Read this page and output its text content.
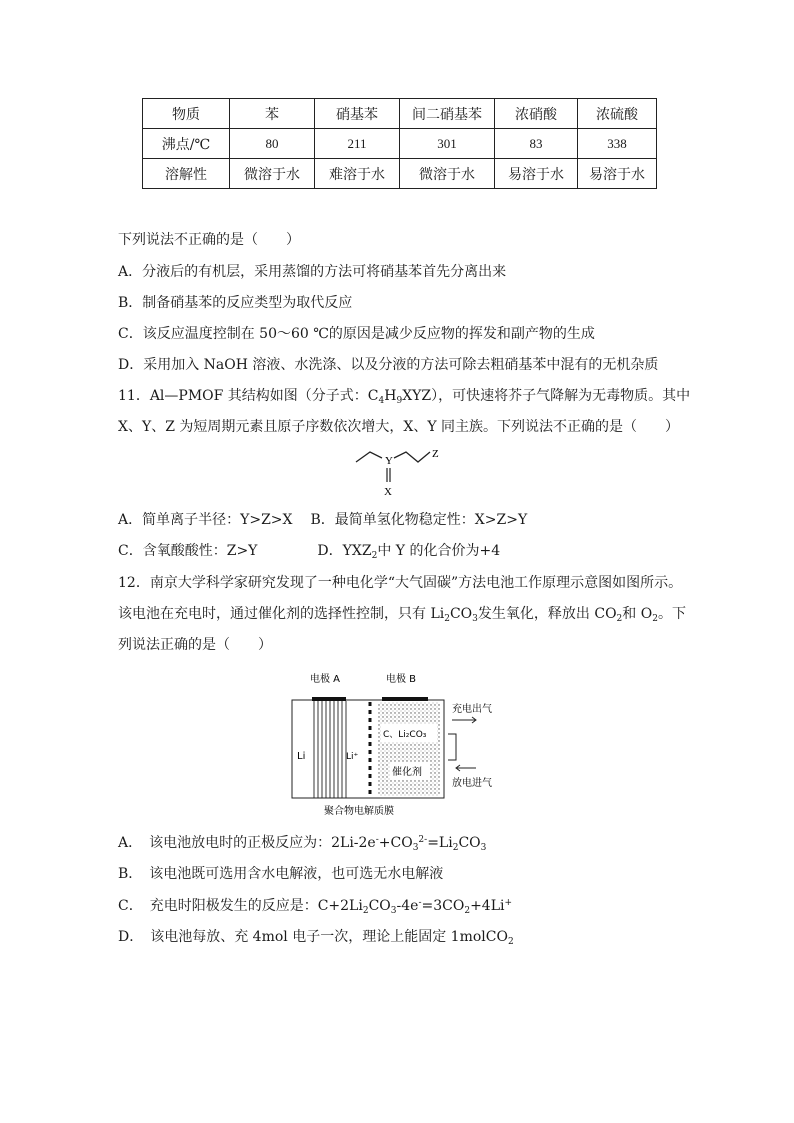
物质	苯	硝基苯	间二硝基苯	浓硝酸	浓硫酸
沸点/℃	80	211	301	83	338
溶解性	微溶于水	难溶于水	微溶于水	易溶于水	易溶于水
下列说法不正确的是（　　）
A．分液后的有机层，采用蒸馏的方法可将硝基苯首先分离出来
B．制备硝基苯的反应类型为取代反应
C．该反应温度控制在 50～60 ℃的原因是减少反应物的挥发和副产物的生成
D．采用加入 NaOH 溶液、水洗涤、以及分液的方法可除去粗硝基苯中混有的无机杂质
11．Al—PMOF 其结构如图（分子式：$C_4H_9XYZ$），可快速将芥子气降解为无毒物质。其中
X、Y、Z 为短周期元素且原子序数依次增大，X、Y 同主族。下列说法不正确的是（　　）
Y
Z
X
A．简单离子半径：Y>Z>X B．最简单氢化物稳定性：X>Z>Y
C．含氧酸酸性：Z>Y	D．$YXZ_2$中 Y 的化合价为+4
12．南京大学科学家研究发现了一种电化学“大气固碳”方法电池工作原理示意图如图所示。
该电池在充电时，通过催化剂的选择性控制，只有 $Li_2CO_3$发生氧化，释放出 $CO_2$和 $O_2$。下
列说法正确的是（　　）
电极 A	电极 B
Li	Li⁺
C、Li₂CO₃
催化剂
充电出气
放电进气
聚合物电解质膜
A．　该电池放电时的正极反应为：$2Li-2e^-+CO_3^{2-}=Li_2CO_3$
B．　该电池既可选用含水电解液，也可选无水电解液
C．　充电时阳极发生的反应是：$C+2Li_2CO_3-4e^-=3CO_2+4Li^+$
D．　该电池每放、充 4mol 电子一次，理论上能固定 1molCO$_2$
